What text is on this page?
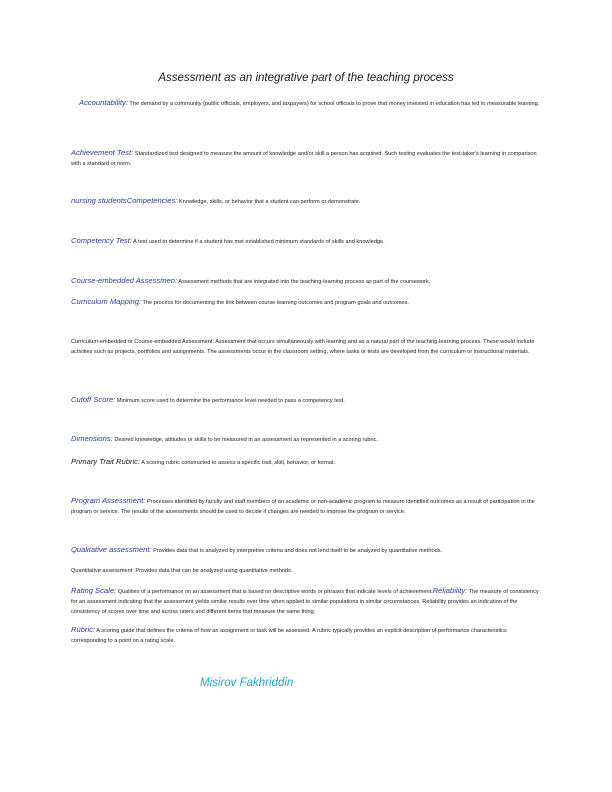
Assessment as an integrative part of the teaching process
Accountability: The demand by a community (public officials, employers, and taxpayers) for school officials to prove that money invested in education has led to measurable learning.
Achievement Test: Standardized test designed to measure the amount of knowledge and/or skill a person has acquired. Such testing evaluates the test-taker's learning in comparison with a standard or norm.
nursing studentsCompetencies: Knowledge, skills, or behavior that a student can perform or demonstrate.
Competency Test: A test used to determine if a student has met established minimum standards of skills and knowledge.
Course-embedded Assessmen: Assessment methods that are integrated into the teaching-learning process as part of the coursework.
Curriculum Mapping: The process for documenting the link between course learning outcomes and program goals and outcomes.
Curriculum-embedded or Course-embedded Assessment: Assessment that occurs simultaneously with learning and as a natural part of the teaching-learning process. These would include activities such as projects, portfolios and assignments. The assessments occur in the classroom setting, where tasks or tests are developed from the curriculum or instructional materials.
Cutoff Score: Minimum score used to determine the performance level needed to pass a competency test.
Dimensions: Desired knowledge, attitudes or skills to be measured in an assessment as represented in a scoring rubric.
Primary Trait Rubric: A scoring rubric constructed to assess a specific trait, skill, behavior, or format.
Program Assessment: Processes identified by faculty and staff members of an academic or non-academic program to measure identified outcomes as a result of participation in the program or service. The results of the assessments should be used to decide if changes are needed to improve the program or service.
Qualitative assessment: Provides data that is analyzed by interpretive criteria and does not lend itself to be analyzed by quantitative methods.
Quantitative assessment: Provides data that can be analyzed using quantitative methods.
Rating Scale: Qualities of a performance on an assessment that is based on descriptive words or phrases that indicate levels of achievement.Reliability: The measure of consistency for an assessment indicating that the assessment yields similar results over time when applied to similar populations in similar circumstances. Reliability provides an indication of the consistency of scores over time and across raters and different items that measure the same thing.
Rubric: A scoring guide that defines the criteria of how an assignment or task will be assessed. A rubric typically provides an explicit description of performance characteristics corresponding to a point on a rating scale.
Misirov Fakhriddin
